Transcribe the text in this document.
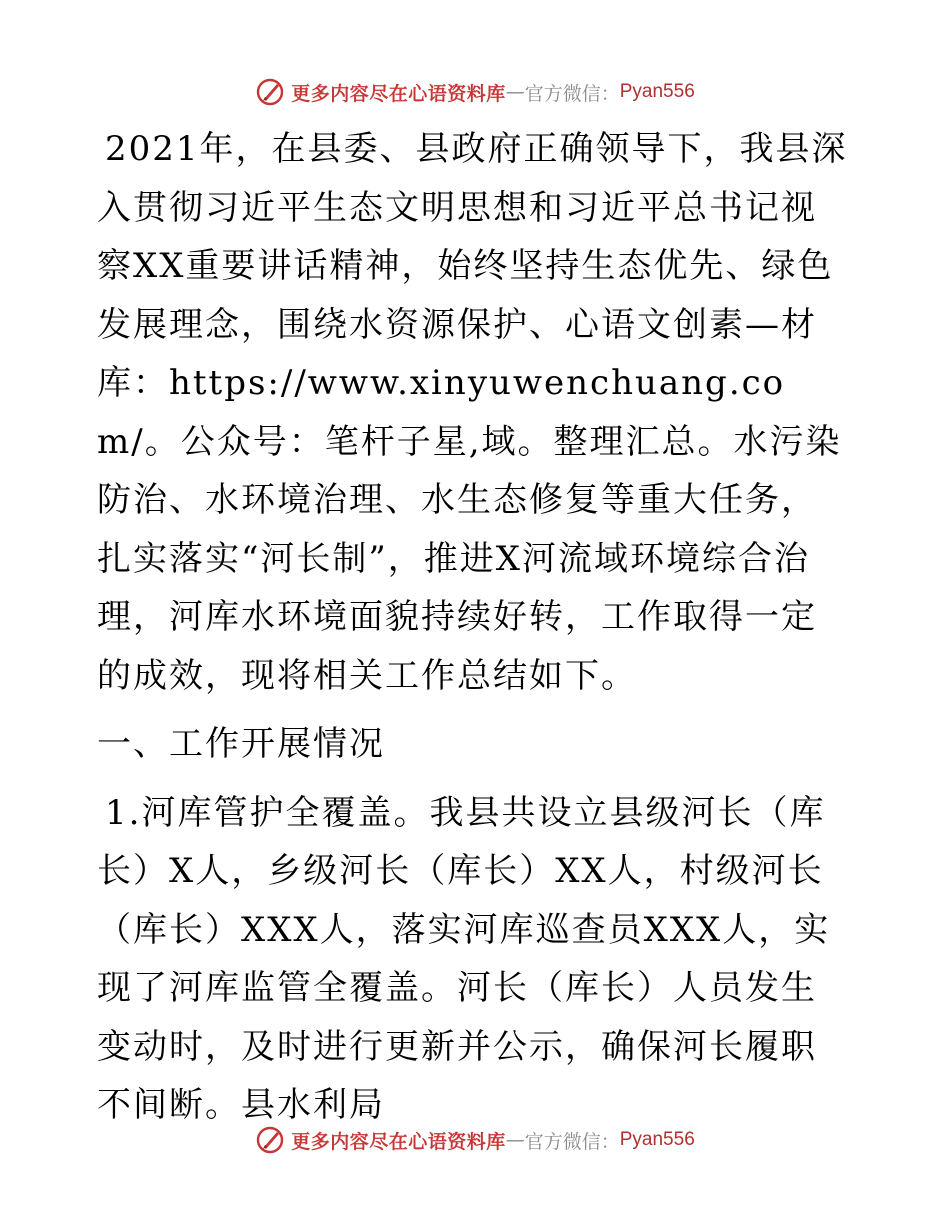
更多内容尽在心语资料库 — 官方微信： Pyan556

2021年，在县委、县政府正确领导下，我县深入贯彻习近平生态文明思想和习近平总书记视察XX重要讲话精神，始终坚持生态优先、绿色发展理念，围绕水资源保护、心语文创素—材库：https://www.xinyuwenchuang.com/。公众号：笔杆子星,域。整理汇总。水污染防治、水环境治理、水生态修复等重大任务，扎实落实“河长制”，推进X河流域环境综合治理，河库水环境面貌持续好转，工作取得一定的成效，现将相关工作总结如下。

一、工作开展情况

1.河库管护全覆盖。我县共设立县级河长（库长）X人，乡级河长（库长）XX人，村级河长（库长）XXX人，落实河库巡查员XXX人，实现了河库监管全覆盖。河长（库长）人员发生变动时，及时进行更新并公示，确保河长履职不间断。县水利局

更多内容尽在心语资料库 — 官方微信： Pyan556
